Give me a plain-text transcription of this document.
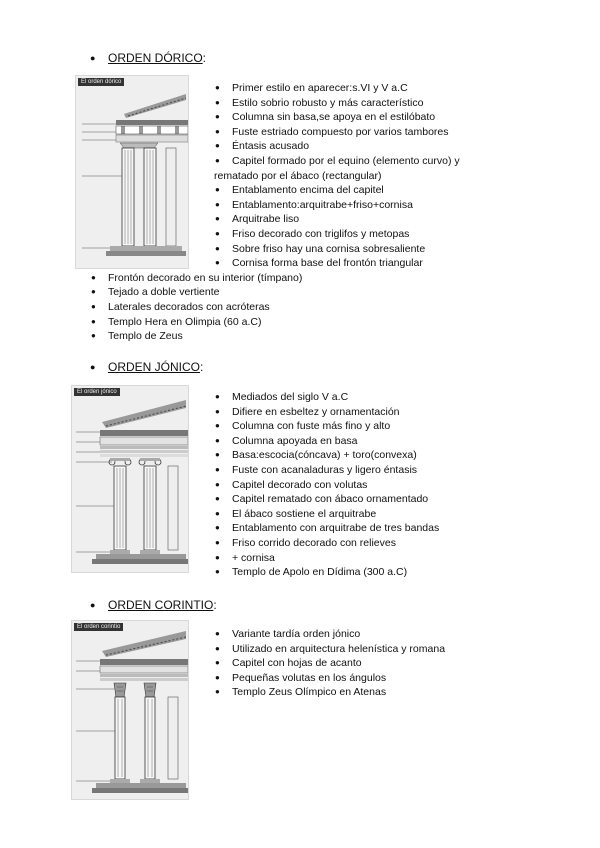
● ORDEN DÓRICO:
El orden dórico
● Primer estilo en aparecer:s.VI y V a.C
● Estilo sobrio robusto y más característico
● Columna sin basa,se apoya en el estilóbato
● Fuste estriado compuesto por varios tambores
● Éntasis acusado
● Capitel formado por el equino (elemento curvo) y
rematado por el ábaco (rectangular)
● Entablamento encima del capitel
● Entablamento:arquitrabe+friso+cornisa
● Arquitrabe liso
● Friso decorado con triglifos y metopas
● Sobre friso hay una cornisa sobresaliente
● Cornisa forma base del frontón triangular
● Frontón decorado en su interior (tímpano)
● Tejado a doble vertiente
● Laterales decorados con acróteras
● Templo Hera en Olimpia (60 a.C)
● Templo de Zeus
● ORDEN JÓNICO:
El orden jónico	● Mediados del siglo V a.C
● Difiere en esbeltez y ornamentación
● Columna con fuste más fino y alto
● Columna apoyada en basa
● Basa:escocia(cóncava) + toro(convexa)
● Fuste con acanaladuras y ligero éntasis
● Capitel decorado con volutas
● Capitel rematado con ábaco ornamentado
● El ábaco sostiene el arquitrabe
● Entablamento con arquitrabe de tres bandas
● Friso corrido decorado con relieves
● + cornisa
● Templo de Apolo en Dídima (300 a.C)
● ORDEN CORINTIO:
El orden corintio
● Variante tardía orden jónico
● Utilizado en arquitectura helenística y romana
● Capitel con hojas de acanto
● Pequeñas volutas en los ángulos
● Templo Zeus Olímpico en Atenas
